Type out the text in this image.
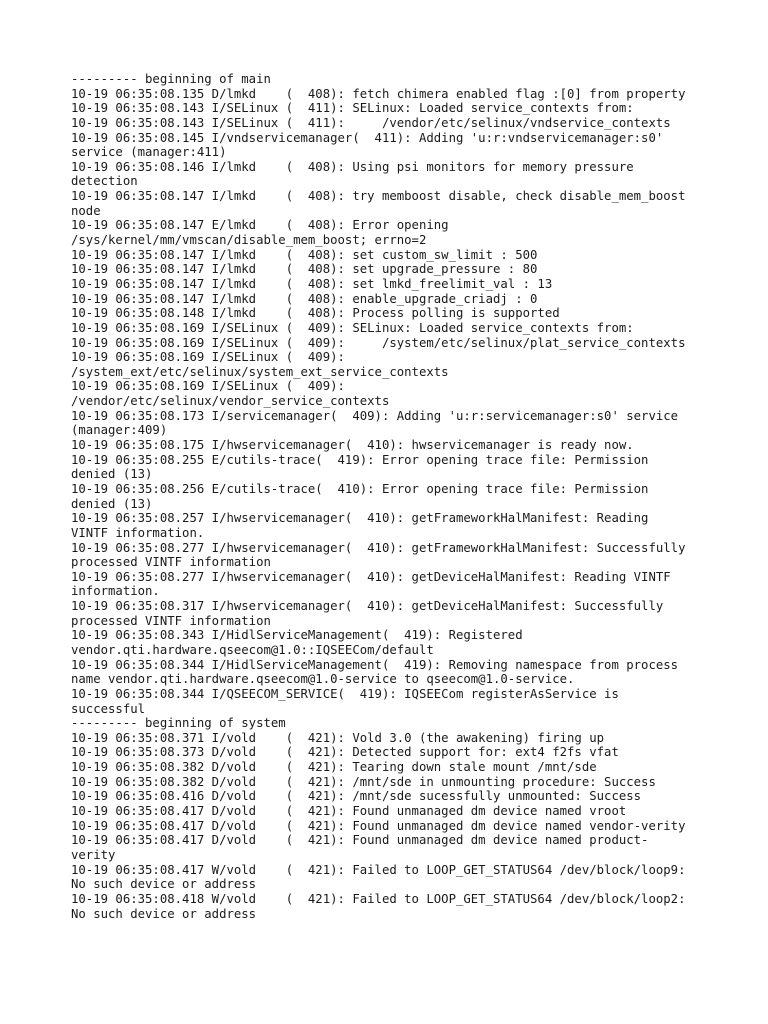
--------- beginning of main
10-19 06:35:08.135 D/lmkd    (  408): fetch chimera enabled flag :[0] from property
10-19 06:35:08.143 I/SELinux (  411): SELinux: Loaded service_contexts from:
10-19 06:35:08.143 I/SELinux (  411):     /vendor/etc/selinux/vndservice_contexts
10-19 06:35:08.145 I/vndservicemanager(  411): Adding 'u:r:vndservicemanager:s0'
service (manager:411)
10-19 06:35:08.146 I/lmkd    (  408): Using psi monitors for memory pressure
detection
10-19 06:35:08.147 I/lmkd    (  408): try memboost disable, check disable_mem_boost
node
10-19 06:35:08.147 E/lmkd    (  408): Error opening
/sys/kernel/mm/vmscan/disable_mem_boost; errno=2
10-19 06:35:08.147 I/lmkd    (  408): set custom_sw_limit : 500
10-19 06:35:08.147 I/lmkd    (  408): set upgrade_pressure : 80
10-19 06:35:08.147 I/lmkd    (  408): set lmkd_freelimit_val : 13
10-19 06:35:08.147 I/lmkd    (  408): enable_upgrade_criadj : 0
10-19 06:35:08.148 I/lmkd    (  408): Process polling is supported
10-19 06:35:08.169 I/SELinux (  409): SELinux: Loaded service_contexts from:
10-19 06:35:08.169 I/SELinux (  409):     /system/etc/selinux/plat_service_contexts
10-19 06:35:08.169 I/SELinux (  409):
/system_ext/etc/selinux/system_ext_service_contexts
10-19 06:35:08.169 I/SELinux (  409):
/vendor/etc/selinux/vendor_service_contexts
10-19 06:35:08.173 I/servicemanager(  409): Adding 'u:r:servicemanager:s0' service
(manager:409)
10-19 06:35:08.175 I/hwservicemanager(  410): hwservicemanager is ready now.
10-19 06:35:08.255 E/cutils-trace(  419): Error opening trace file: Permission
denied (13)
10-19 06:35:08.256 E/cutils-trace(  410): Error opening trace file: Permission
denied (13)
10-19 06:35:08.257 I/hwservicemanager(  410): getFrameworkHalManifest: Reading
VINTF information.
10-19 06:35:08.277 I/hwservicemanager(  410): getFrameworkHalManifest: Successfully
processed VINTF information
10-19 06:35:08.277 I/hwservicemanager(  410): getDeviceHalManifest: Reading VINTF
information.
10-19 06:35:08.317 I/hwservicemanager(  410): getDeviceHalManifest: Successfully
processed VINTF information
10-19 06:35:08.343 I/HidlServiceManagement(  419): Registered
vendor.qti.hardware.qseecom@1.0::IQSEECom/default
10-19 06:35:08.344 I/HidlServiceManagement(  419): Removing namespace from process
name vendor.qti.hardware.qseecom@1.0-service to qseecom@1.0-service.
10-19 06:35:08.344 I/QSEECOM_SERVICE(  419): IQSEECom registerAsService is
successful
--------- beginning of system
10-19 06:35:08.371 I/vold    (  421): Vold 3.0 (the awakening) firing up
10-19 06:35:08.373 D/vold    (  421): Detected support for: ext4 f2fs vfat
10-19 06:35:08.382 D/vold    (  421): Tearing down stale mount /mnt/sde
10-19 06:35:08.382 D/vold    (  421): /mnt/sde in unmounting procedure: Success
10-19 06:35:08.416 D/vold    (  421): /mnt/sde sucessfully unmounted: Success
10-19 06:35:08.417 D/vold    (  421): Found unmanaged dm device named vroot
10-19 06:35:08.417 D/vold    (  421): Found unmanaged dm device named vendor-verity
10-19 06:35:08.417 D/vold    (  421): Found unmanaged dm device named product-
verity
10-19 06:35:08.417 W/vold    (  421): Failed to LOOP_GET_STATUS64 /dev/block/loop9:
No such device or address
10-19 06:35:08.418 W/vold    (  421): Failed to LOOP_GET_STATUS64 /dev/block/loop2:
No such device or address
